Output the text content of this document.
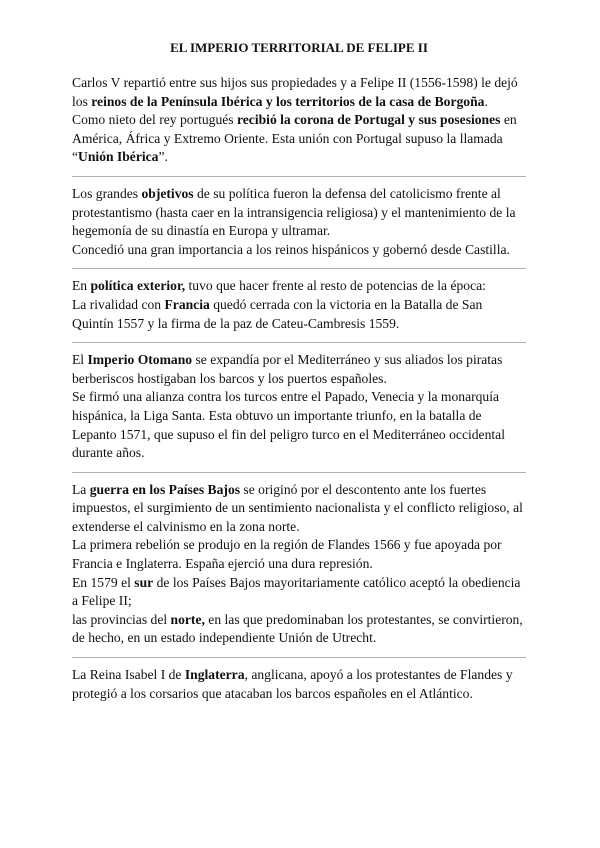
EL IMPERIO TERRITORIAL DE FELIPE II

Carlos V repartió entre sus hijos sus propiedades y a Felipe II (1556-1598) le dejó los reinos de la Península Ibérica y los territorios de la casa de Borgoña.

Como nieto del rey portugués recibió la corona de Portugal y sus posesiones en América, África y Extremo Oriente. Esta unión con Portugal supuso la llamada “Unión Ibérica”.

Los grandes objetivos de su política fueron la defensa del catolicismo frente al protestantismo (hasta caer en la intransigencia religiosa) y el mantenimiento de la hegemonía de su dinastía en Europa y ultramar.

Concedió una gran importancia a los reinos hispánicos y gobernó desde Castilla.

En política exterior, tuvo que hacer frente al resto de potencias de la época:

La rivalidad con Francia quedó cerrada con la victoria en la Batalla de San Quintín 1557 y la firma de la paz de Cateu-Cambresis 1559.

El Imperio Otomano se expandía por el Mediterráneo y sus aliados los piratas berberiscos hostigaban los barcos y los puertos españoles.

Se firmó una alianza contra los turcos entre el Papado, Venecia y la monarquía hispánica, la Liga Santa. Esta obtuvo un importante triunfo, en la batalla de Lepanto 1571, que supuso el fin del peligro turco en el Mediterráneo occidental durante años.

La guerra en los Países Bajos se originó por el descontento ante los fuertes impuestos, el surgimiento de un sentimiento nacionalista y el conflicto religioso, al extenderse el calvinismo en la zona norte.

La primera rebelión se produjo en la región de Flandes 1566 y fue apoyada por Francia e Inglaterra. España ejerció una dura represión.

En 1579 el sur de los Países Bajos mayoritariamente católico aceptó la obediencia a Felipe II;

las provincias del norte, en las que predominaban los protestantes, se convirtieron, de hecho, en un estado independiente Unión de Utrecht.

La Reina Isabel I de Inglaterra, anglicana, apoyó a los protestantes de Flandes y protegió a los corsarios que atacaban los barcos españoles en el Atlántico.
